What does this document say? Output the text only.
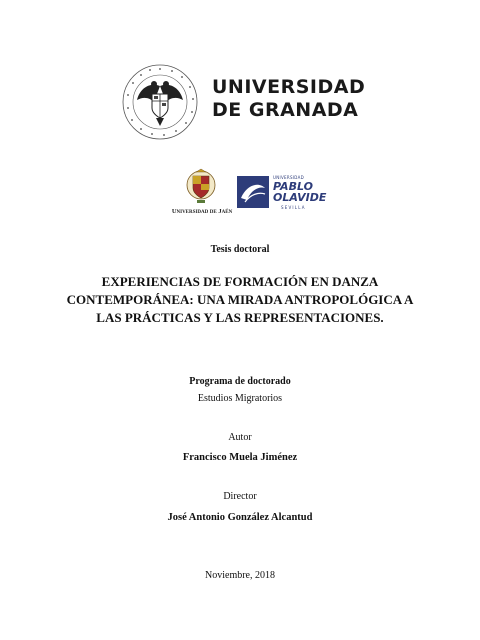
UNIVERSIDAD
DE GRANADA
Universidad de Jaén
UNIVERSIDAD
PABLO
OLAVIDE
SEVILLA
Tesis doctoral
EXPERIENCIAS DE FORMACIÓN EN DANZA
CONTEMPORÁNEA: UNA MIRADA ANTROPOLÓGICA A
LAS PRÁCTICAS Y LAS REPRESENTACIONES.
Programa de doctorado
Estudios Migratorios
Autor
Francisco Muela Jiménez
Director
José Antonio González Alcantud
Noviembre, 2018
